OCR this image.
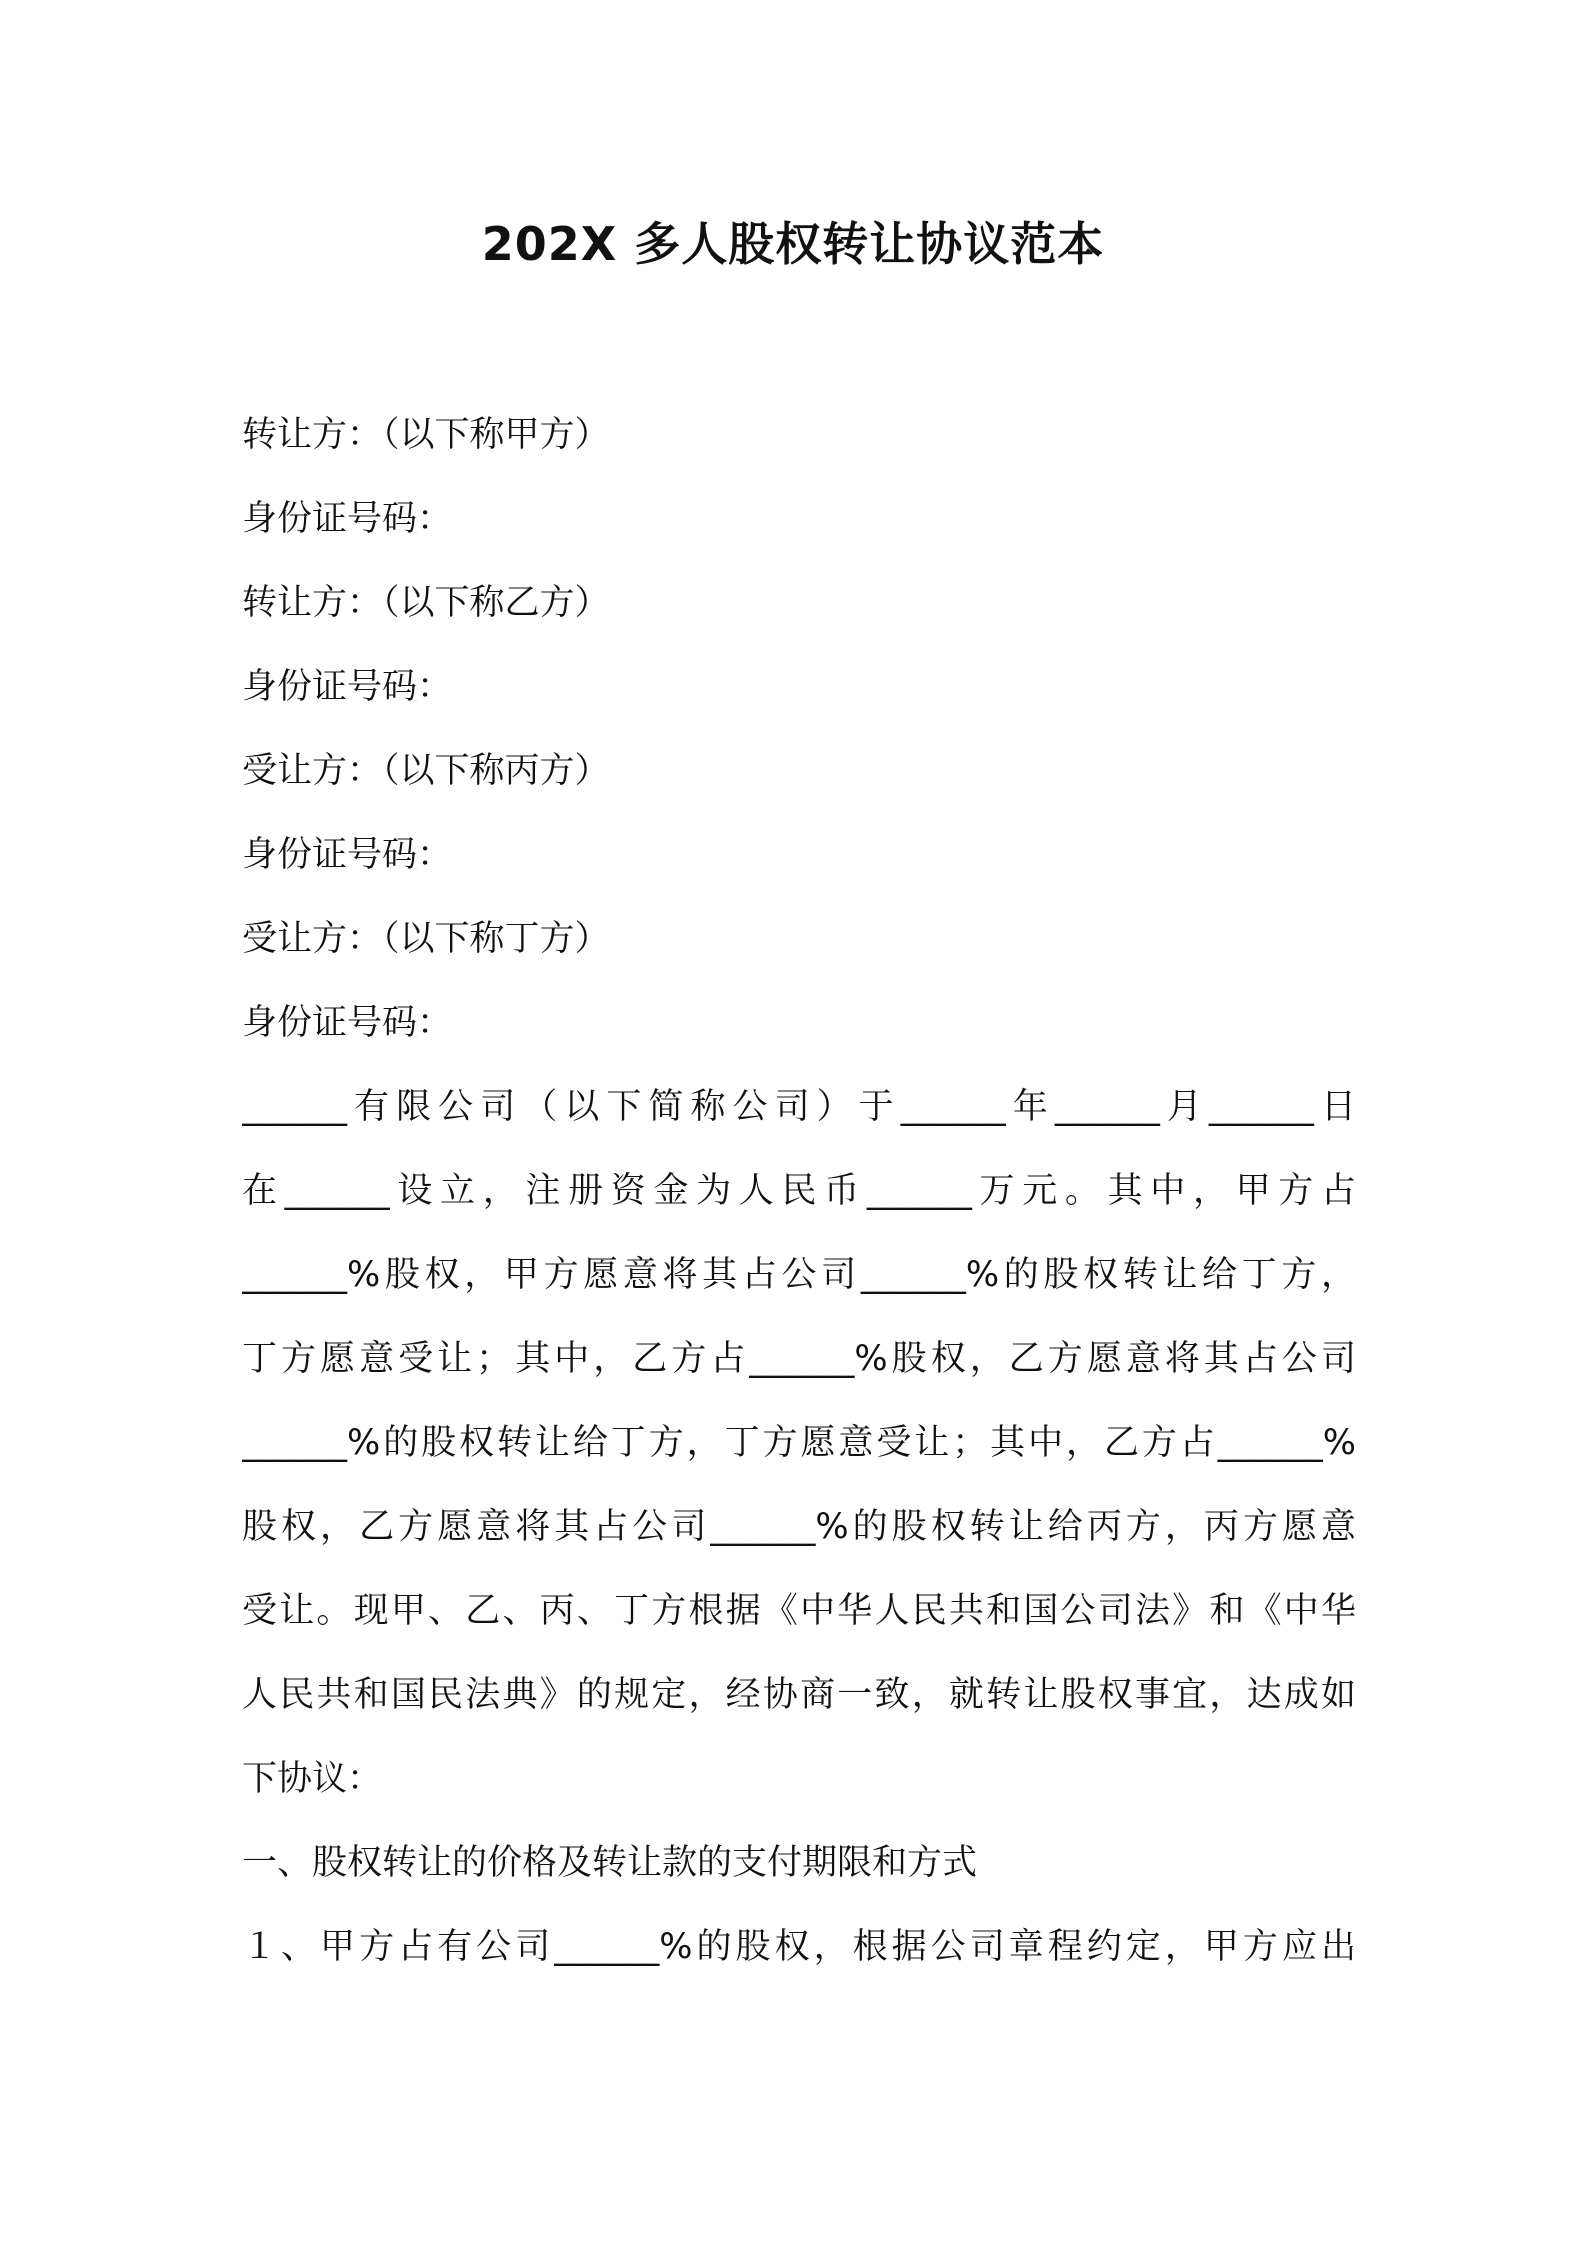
202X 多人股权转让协议范本
转让方：（以下称甲方）
身份证号码：
转让方：（以下称乙方）
身份证号码：
受让方：（以下称丙方）
身份证号码：
受让方：（以下称丁方）
身份证号码：
______有限公司（以下简称公司）于______年______月______日
在______设立，注册资金为人民币______万元。其中，甲方占
______%股权，甲方愿意将其占公司______%的股权转让给丁方，
丁方愿意受让；其中，乙方占______%股权，乙方愿意将其占公司
______%的股权转让给丁方，丁方愿意受让；其中，乙方占______%
股权，乙方愿意将其占公司______%的股权转让给丙方，丙方愿意
受让。现甲、乙、丙、丁方根据《中华人民共和国公司法》和《中华
人民共和国民法典》的规定，经协商一致，就转让股权事宜，达成如
下协议：
一、股权转让的价格及转让款的支付期限和方式
１、甲方占有公司______%的股权，根据公司章程约定，甲方应出
